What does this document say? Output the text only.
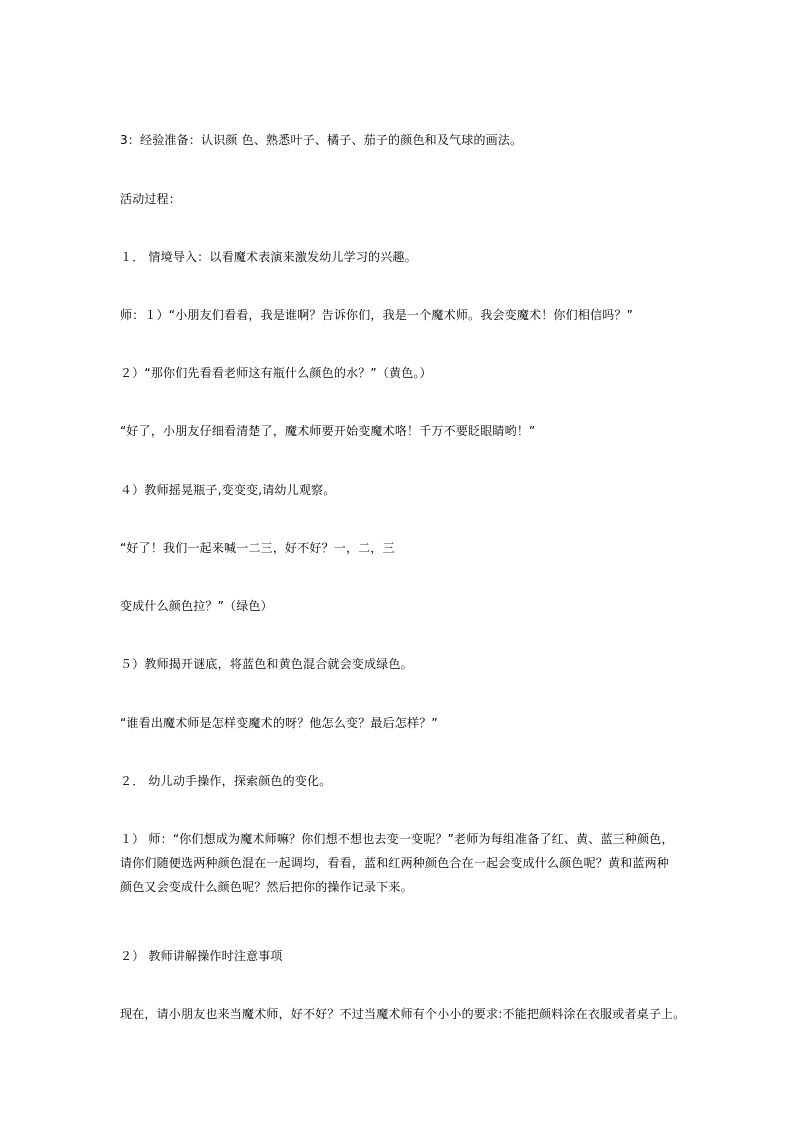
3：经验准备：认识颜 色、熟悉叶子、橘子、茄子的颜色和及气球的画法。

活动过程：

１． 情境导入：以看魔术表演来激发幼儿学习的兴趣。

师：１）“小朋友们看看，我是谁啊？告诉你们，我是一个魔术师。我会变魔术！你们相信吗？”

２）“那你们先看看老师这有瓶什么颜色的水？”（黄色。）

“好了，小朋友仔细看清楚了，魔术师要开始变魔术咯！千万不要眨眼睛哟！”

４）教师摇晃瓶子,变变变,请幼儿观察。

“好了！我们一起来喊一二三，好不好？一，二，三

变成什么颜色拉？”（绿色）

５）教师揭开谜底，将蓝色和黄色混合就会变成绿色。

“谁看出魔术师是怎样变魔术的呀？他怎么变？最后怎样？”

２． 幼儿动手操作，探索颜色的变化。

１） 师：“你们想成为魔术师嘛？你们想不想也去变一变呢？”老师为每组准备了红、黄、蓝三种颜色，请你们随便选两种颜色混在一起调均，看看，蓝和红两种颜色合在一起会变成什么颜色呢？黄和蓝两种颜色又会变成什么颜色呢？然后把你的操作记录下来。

２） 教师讲解操作时注意事项

现在，请小朋友也来当魔术师，好不好？不过当魔术师有个小小的要求:不能把颜料涂在衣服或者桌子上。
